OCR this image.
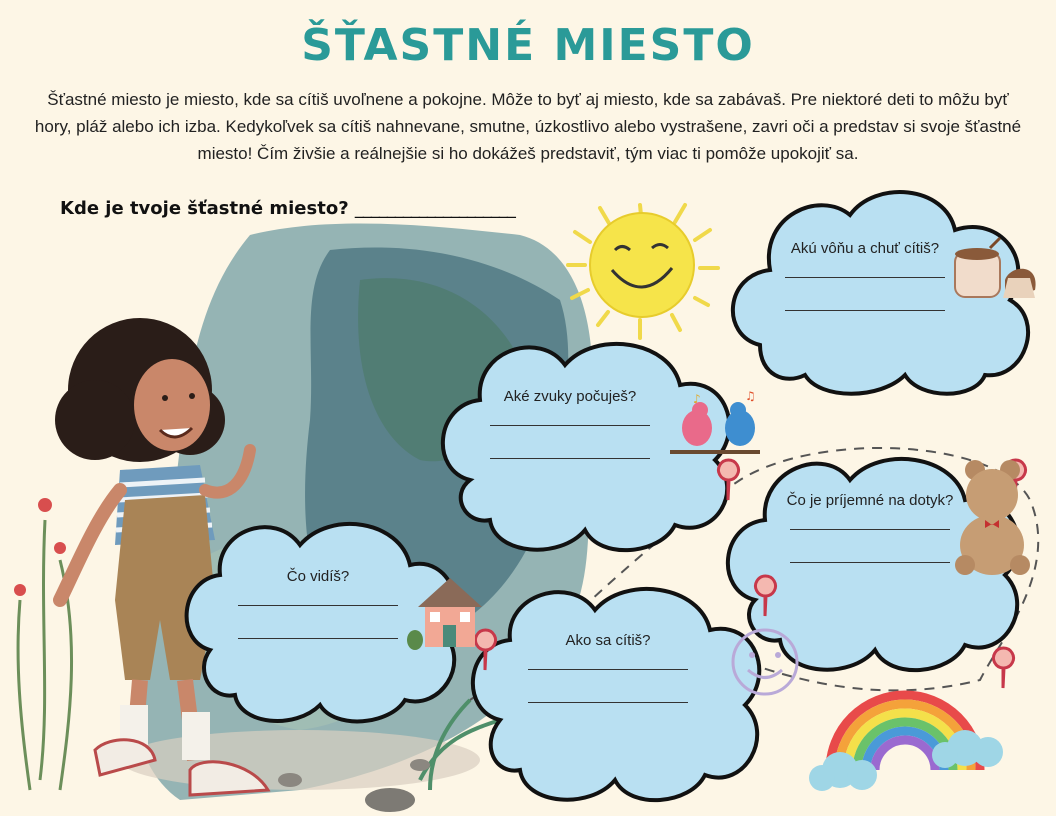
ŠŤASTNÉ MIESTO
Šťastné miesto je miesto, kde sa cítiš uvoľnene a pokojne. Môže to byť aj miesto, kde sa zabávaš. Pre niektoré deti to môžu byť hory, pláž alebo ich izba. Kedykoľvek sa cítiš nahnevane, smutne, úzkostlivo alebo vystrašene, zavri oči a predstav si svoje šťastné miesto! Čím živšie a reálnejšie si ho dokážeš predstaviť, tým viac ti pomôže upokojiť sa.
Kde je tvoje šťastné miesto? ____________________
♪	♫
Akú vôňu a chuť cítiš?
Aké zvuky počuješ?
Čo je príjemné na dotyk?
Čo vidíš?
Ako sa cítiš?
